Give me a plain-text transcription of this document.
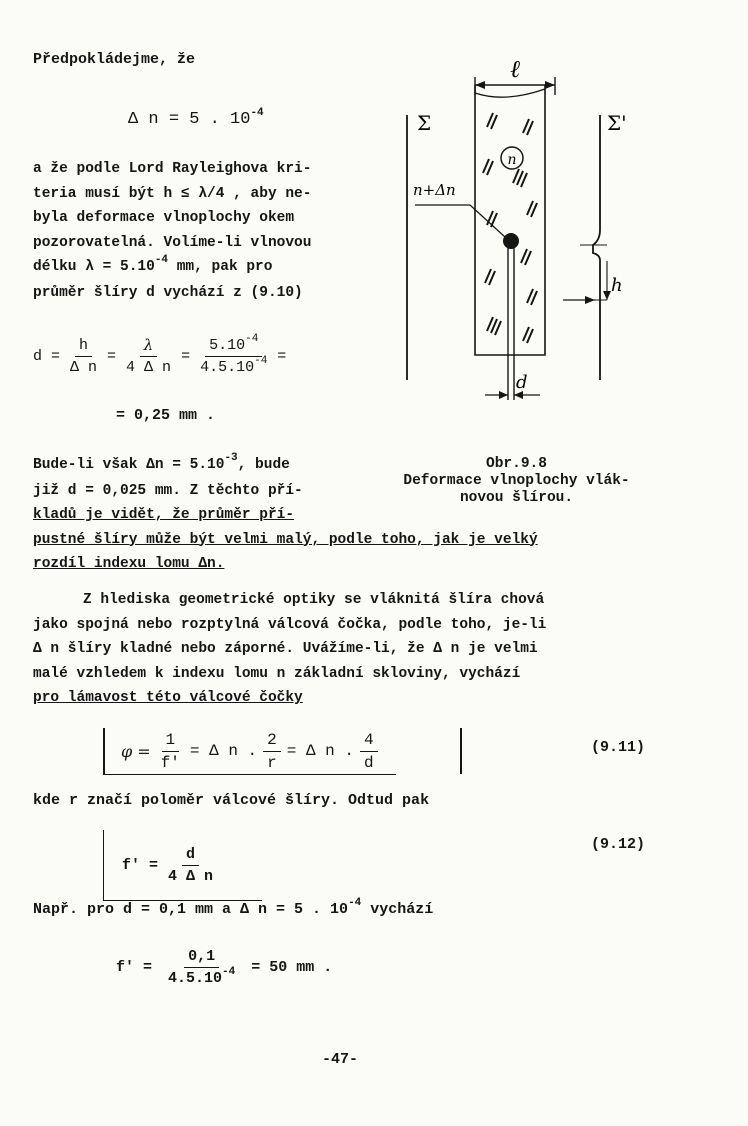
Předpokládejme, že
Δ n = 5 . $10^{-4}$
a že podle Lord Rayleighova kri-
teria musí být h ≤ λ/4 , aby ne-
byla deformace vlnoplochy okem
pozorovatelná. Volíme-li vlnovou
délku $\lambda = 5.10^{-4}$ mm, pak pro
průměr šlíry d vychází z (9.10)
$d = \frac{h}{\text{Δ n}} = \frac{\lambda}{\text{4 Δ n}} = \frac{5.10^{-4}}{4.5.10^{-4}}$ =
= 0,25 mm .
Bude-li však $\Delta n = 5.10^{-3}$, bude
již d = 0,025 mm. Z těchto pří-
kladů je vidět, že průměr pří-
pustné šlíry může být velmi malý, podle toho, jak je velký
rozdíl indexu lomu Δn.
Z hlediska geometrické optiky se vláknitá šlíra chová
jako spojná nebo rozptylná válcová čočka, podle toho, je-li
Δ n šlíry kladné nebo záporné. Uvážíme-li, že Δ n je velmi
malé vzhledem k indexu lomu n základní skloviny, vychází
pro lámavost této válcové čočky
$\varphi = \frac{1}{f'} = \Delta$ n . $\frac{2}{r} = \Delta$ n . $\frac{4}{d}$	(9.11)
kde r značí poloměr válcové šlíry. Odtud pak
$f' = \frac{d}{\text{4 Δ n}}$
(9.12)
Např. pro d = 0,1 mm a Δ n = 5 . $10^{-4}$ vychází
$f' = \frac{0,1}{4.5.10^{-4}} = 50$ mm .
-47-
ℓ
Σ
n
n+Δn
d
Σ'
h
Obr.9.8
Deformace vlnoplochy vlák-
novou šlírou.
